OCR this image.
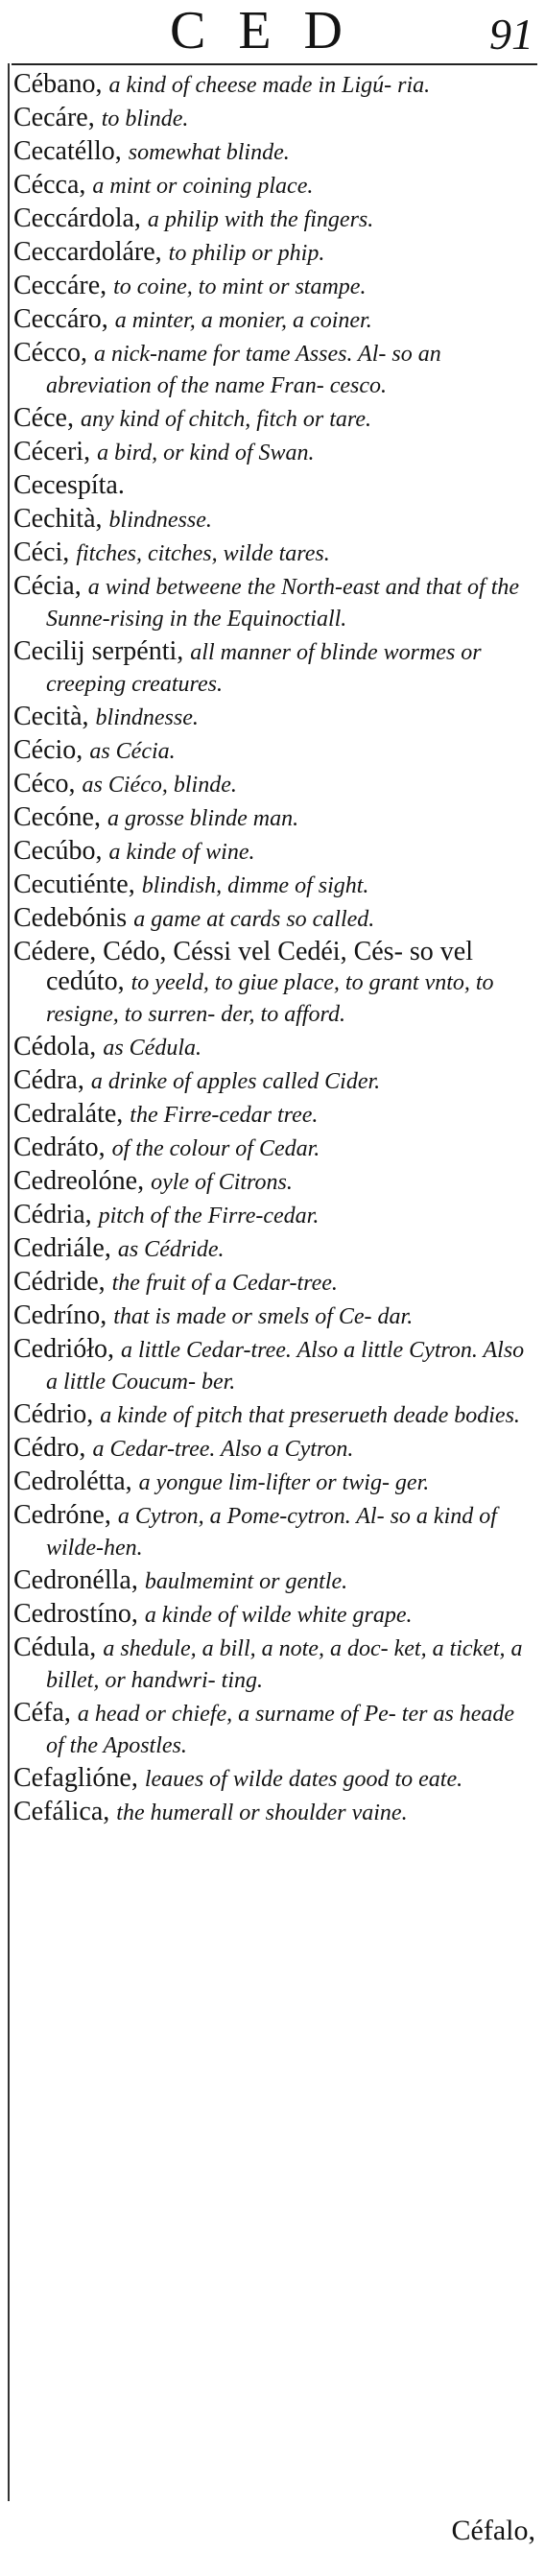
CED	91
Cébano, a kind of cheese made in Ligú- ria.
Cecáre, to blinde.
Cecatéllo, somewhat blinde.
Cécca, a mint or coining place.
Ceccárdola, a philip with the fingers.
Ceccardoláre, to philip or phip.
Ceccáre, to coine, to mint or stampe.
Ceccáro, a minter, a monier, a coiner.
Cécco, a nick-name for tame Asses. Al- so an abreviation of the name Fran- cesco.
Céce, any kind of chitch, fitch or tare.
Céceri, a bird, or kind of Swan.
Cecespíta.
Cechità, blindnesse.
Céci, fitches, citches, wilde tares.
Cécia, a wind betweene the North-east and that of the Sunne-rising in the Equinoctiall.
Cecilij serpénti, all manner of blinde wormes or creeping creatures.
Cecità, blindnesse.
Cécio, as Cécia.
Céco, as Ciéco, blinde.
Cecóne, a grosse blinde man.
Cecúbo, a kinde of wine.
Cecutiénte, blindish, dimme of sight.
Cedebónis a game at cards so called.
Cédere, Cédo, Céssi vel Cedéi, Cés- so vel cedúto, to yeeld, to giue place, to grant vnto, to resigne, to surren- der, to afford.
Cédola, as Cédula.
Cédra, a drinke of apples called Cider.
Cedraláte, the Firre-cedar tree.
Cedráto, of the colour of Cedar.
Cedreolóne, oyle of Citrons.
Cédria, pitch of the Firre-cedar.
Cedriále, as Cédride.
Cédride, the fruit of a Cedar-tree.
Cedríno, that is made or smels of Ce- dar.
Cedrióło, a little Cedar-tree. Also a little Cytron. Also a little Coucum- ber.
Cédrio, a kinde of pitch that preserueth deade bodies.
Cédro, a Cedar-tree. Also a Cytron.
Cedrolétta, a yongue lim-lifter or twig- ger.
Cedróne, a Cytron, a Pome-cytron. Al- so a kind of wilde-hen.
Cedronélla, baulmemint or gentle.
Cedrostíno, a kinde of wilde white grape.
Cédula, a shedule, a bill, a note, a doc- ket, a ticket, a billet, or handwri- ting.
Céfa, a head or chiefe, a surname of Pe- ter as heade of the Apostles.
Cefaglióne, leaues of wilde dates good to eate.
Cefálica, the humerall or shoulder vaine.
Céfalo,
